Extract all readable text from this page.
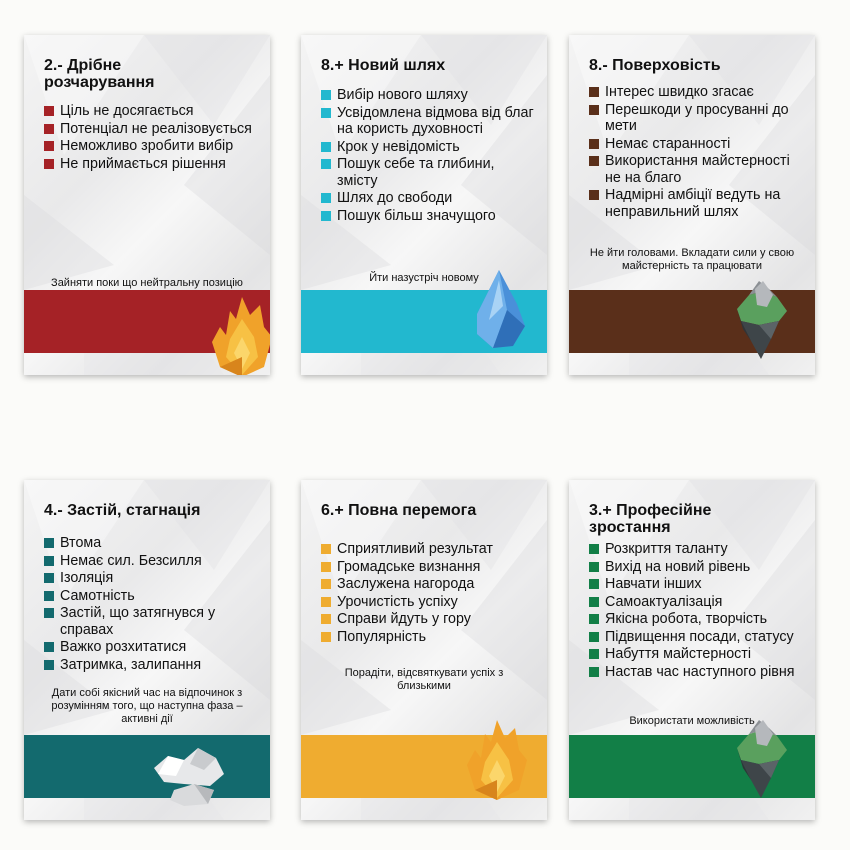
2.- Дрібне розчарування
Ціль не досягається
Потенціал не реалізовується
Неможливо зробити вибір
Не приймається рішення
Зайняти поки що нейтральну позицію
8.+ Новий шлях
Вибір нового шляху
Усвідомлена відмова від благ на користь духовності
Крок у невідомість
Пошук себе та глибини, змісту
Шлях до свободи
Пошук більш значущого
Йти назустріч новому
8.- Поверховість
Інтерес швидко згасає
Перешкоди у просуванні до мети
Немає старанності
Використання майстерності не на благо
Надмірні амбіції ведуть на неправильний шлях
Не йти головами. Вкладати сили у свою майстерність та працювати
4.- Застій, стагнація
Втома
Немає сил. Безсилля
Ізоляція
Самотність
Застій, що затягнувся у справах
Важко розхитатися
Затримка, залипання
Дати собі якісний час на відпочинок з розумінням того, що наступна фаза – активні дії
6.+ Повна перемога
Сприятливий результат
Громадське визнання
Заслужена нагорода
Урочистість успіху
Справи йдуть у гору
Популярність
Порадіти, відсвяткувати успіх з близькими
3.+ Професійне зростання
Розкриття таланту
Вихід на новий рівень
Навчати інших
Самоактуалізація
Якісна робота, творчість
Підвищення посади, статусу
Набуття майстерності
Настав час наступного рівня
Використати можливість
